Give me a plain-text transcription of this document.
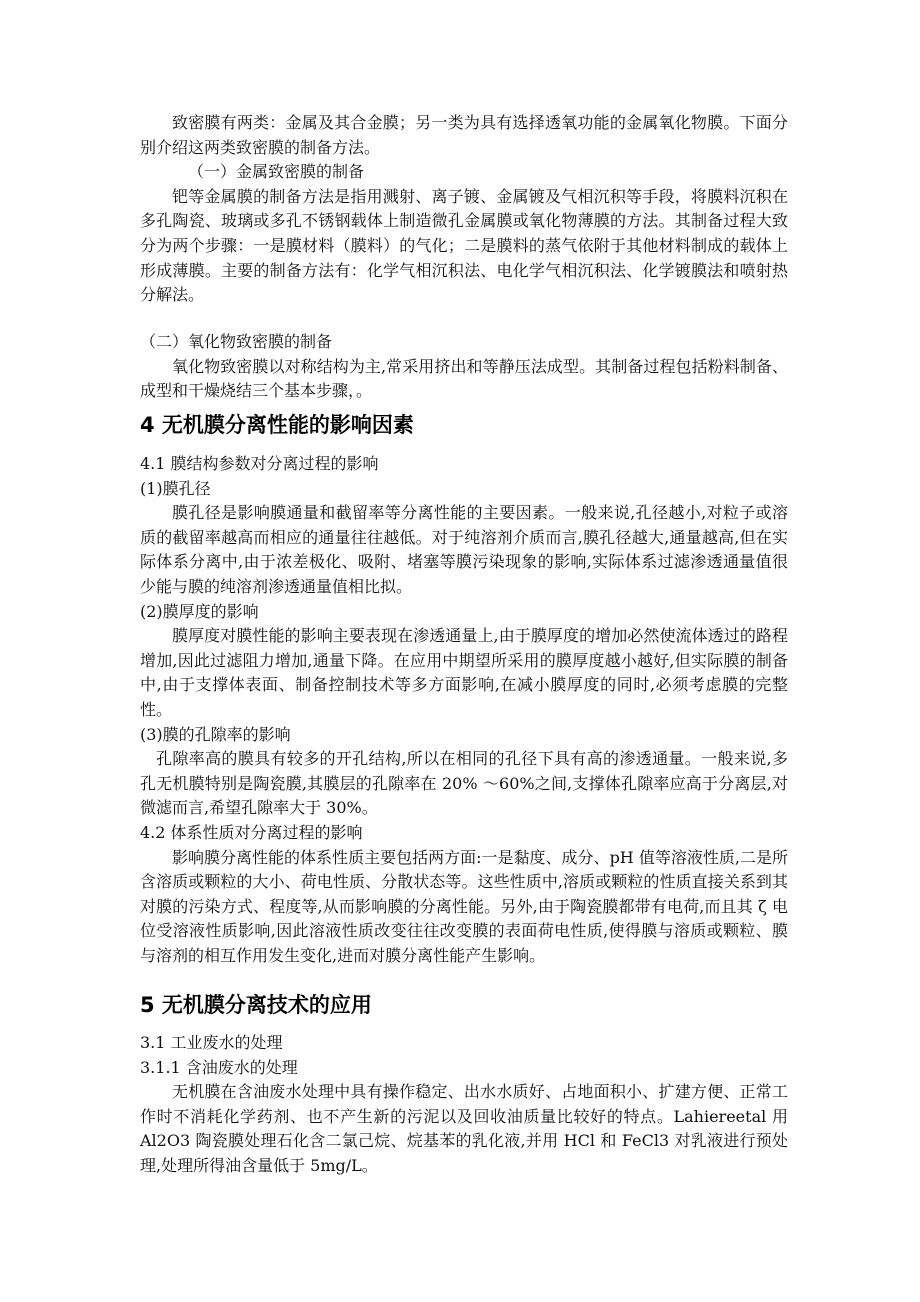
致密膜有两类：金属及其合金膜；另一类为具有选择透氧功能的金属氧化物膜。下面分别介绍这两类致密膜的制备方法。

（一）金属致密膜的制备

钯等金属膜的制备方法是指用溅射、离子镀、金属镀及气相沉积等手段，将膜料沉积在多孔陶瓷、玻璃或多孔不锈钢载体上制造微孔金属膜或氧化物薄膜的方法。其制备过程大致分为两个步骤：一是膜材料（膜料）的气化；二是膜料的蒸气依附于其他材料制成的载体上形成薄膜。主要的制备方法有：化学气相沉积法、电化学气相沉积法、化学镀膜法和喷射热分解法。

（二）氧化物致密膜的制备

氧化物致密膜以对称结构为主,常采用挤出和等静压法成型。其制备过程包括粉料制备、成型和干燥烧结三个基本步骤，。

4 无机膜分离性能的影响因素

4.1 膜结构参数对分离过程的影响

(1)膜孔径

膜孔径是影响膜通量和截留率等分离性能的主要因素。一般来说,孔径越小,对粒子或溶质的截留率越高而相应的通量往往越低。对于纯溶剂介质而言,膜孔径越大,通量越高,但在实际体系分离中,由于浓差极化、吸附、堵塞等膜污染现象的影响,实际体系过滤渗透通量值很少能与膜的纯溶剂渗透通量值相比拟。

(2)膜厚度的影响

膜厚度对膜性能的影响主要表现在渗透通量上,由于膜厚度的增加必然使流体透过的路程增加,因此过滤阻力增加,通量下降。在应用中期望所采用的膜厚度越小越好,但实际膜的制备中,由于支撑体表面、制备控制技术等多方面影响,在减小膜厚度的同时,必须考虑膜的完整性。

(3)膜的孔隙率的影响

孔隙率高的膜具有较多的开孔结构,所以在相同的孔径下具有高的渗透通量。一般来说,多孔无机膜特别是陶瓷膜,其膜层的孔隙率在 20% ～60%之间,支撑体孔隙率应高于分离层,对微滤而言,希望孔隙率大于 30%。

4.2 体系性质对分离过程的影响

影响膜分离性能的体系性质主要包括两方面:一是黏度、成分、pH 值等溶液性质,二是所含溶质或颗粒的大小、荷电性质、分散状态等。这些性质中,溶质或颗粒的性质直接关系到其对膜的污染方式、程度等,从而影响膜的分离性能。另外,由于陶瓷膜都带有电荷,而且其 ζ 电位受溶液性质影响,因此溶液性质改变往往改变膜的表面荷电性质,使得膜与溶质或颗粒、膜与溶剂的相互作用发生变化,进而对膜分离性能产生影响。

5 无机膜分离技术的应用

3.1 工业废水的处理

3.1.1 含油废水的处理

无机膜在含油废水处理中具有操作稳定、出水水质好、占地面积小、扩建方便、正常工作时不消耗化学药剂、也不产生新的污泥以及回收油质量比较好的特点。Lahiereetal 用 Al2O3 陶瓷膜处理石化含二氯己烷、烷基苯的乳化液,并用 HCl 和 FeCl3 对乳液进行预处理,处理所得油含量低于 5mg/L。
